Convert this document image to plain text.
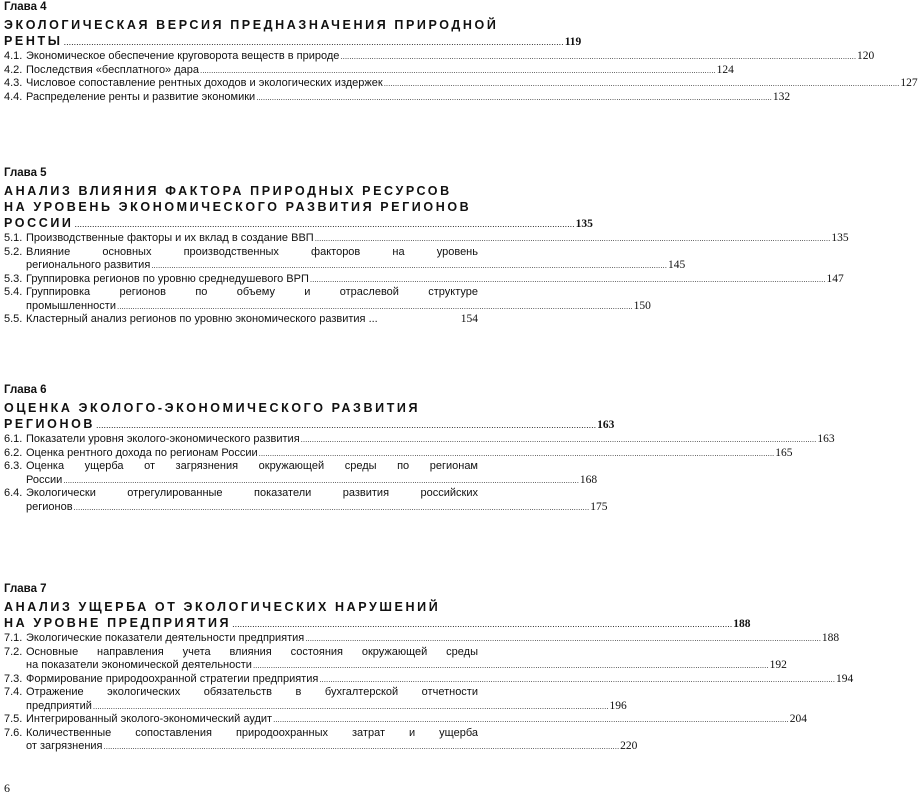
Глава 4
ЭКОЛОГИЧЕСКАЯ ВЕРСИЯ ПРЕДНАЗНАЧЕНИЯ ПРИРОДНОЙ
РЕНТЫ .....	119
4.1. Экономическое обеспечение круговорота веществ в природе .....	120
4.2. Последствия «бесплатного» дара .....	124
4.3. Числовое сопоставление рентных доходов и экологических издержек .....	127
4.4. Распределение ренты и развитие экономики .....	132
Глава 5
АНАЛИЗ ВЛИЯНИЯ ФАКТОРА ПРИРОДНЫХ РЕСУРСОВ
НА УРОВЕНЬ ЭКОНОМИЧЕСКОГО РАЗВИТИЯ РЕГИОНОВ
РОССИИ .....	135
5.1. Производственные факторы и их вклад в создание ВВП .....	135
5.2. Влияние основных производственных факторов на уровень
регионального развития .....	145
5.3. Группировка регионов по уровню среднедушевого ВРП .....	147
5.4. Группировка регионов по объему и отраслевой структуре
промышленности .....	150
5.5. Кластерный анализ регионов по уровню экономического развития ...	154
Глава 6
ОЦЕНКА ЭКОЛОГО-ЭКОНОМИЧЕСКОГО РАЗВИТИЯ
РЕГИОНОВ .....	163
6.1. Показатели уровня эколого-экономического развития .....	163
6.2. Оценка рентного дохода по регионам России .....	165
6.3. Оценка ущерба от загрязнения окружающей среды по регионам
России .....	168
6.4. Экологически отрегулированные показатели развития российских
регионов .....	175
Глава 7
АНАЛИЗ УЩЕРБА ОТ ЭКОЛОГИЧЕСКИХ НАРУШЕНИЙ
НА УРОВНЕ ПРЕДПРИЯТИЯ .....	188
7.1. Экологические показатели деятельности предприятия .....	188
7.2. Основные направления учета влияния состояния окружающей среды
на показатели экономической деятельности .....	192
7.3. Формирование природоохранной стратегии предприятия .....	194
7.4. Отражение экологических обязательств в бухгалтерской отчетности
предприятий .....	196
7.5. Интегрированный эколого-экономический аудит .....	204
7.6. Количественные сопоставления природоохранных затрат и ущерба
от загрязнения .....	220
6
